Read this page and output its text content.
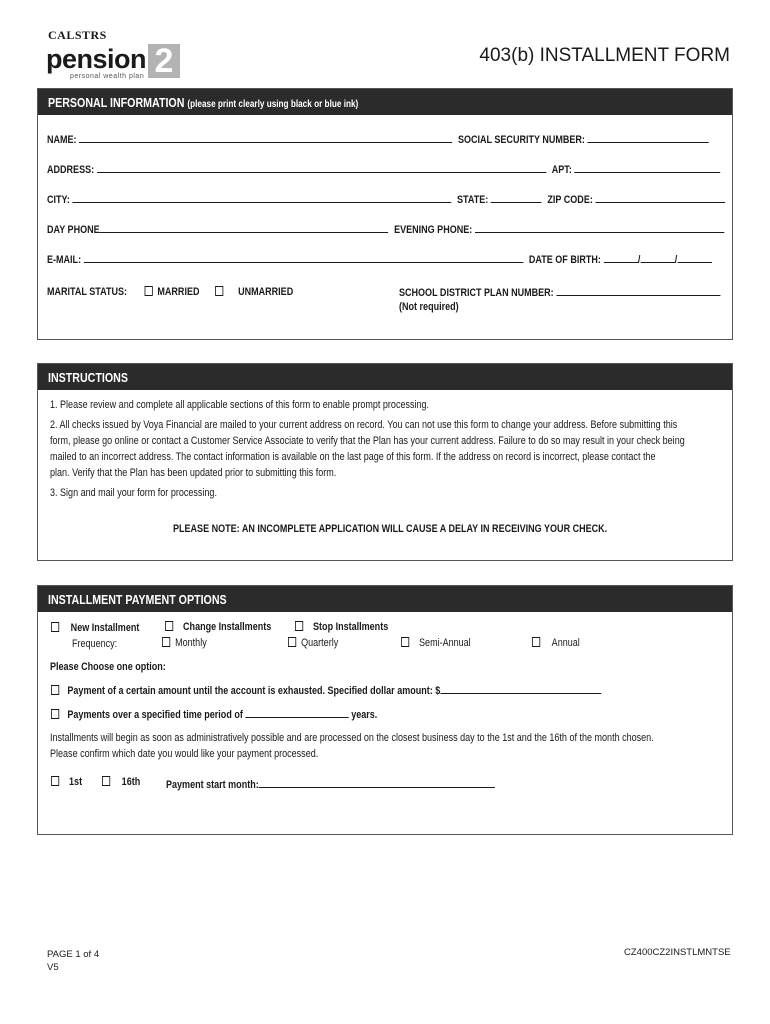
CALSTRS
pension 2
personal wealth plan
403(b) INSTALLMENT FORM
PERSONAL INFORMATION (please print clearly using black or blue ink)
NAME:	SOCIAL SECURITY NUMBER:
ADDRESS:	APT:
CITY:	STATE:	ZIP CODE:
DAY PHONE	EVENING PHONE:
E-MAIL:	DATE OF BIRTH:	/	/
MARITAL STATUS:	MARRIED	UNMARRIED	SCHOOL DISTRICT PLAN NUMBER:
(Not required)
INSTRUCTIONS
1. Please review and complete all applicable sections of this form to enable prompt processing.
2. All checks issued by Voya Financial are mailed to your current address on record. You can not use this form to change your address. Before submitting this
form, please go online or contact a Customer Service Associate to verify that the Plan has your current address. Failure to do so may result in your check being
mailed to an incorrect address. The contact information is available on the last page of this form. If the address on record is incorrect, please contact the
plan. Verify that the Plan has been updated prior to submitting this form.
3. Sign and mail your form for processing.
PLEASE NOTE: AN INCOMPLETE APPLICATION WILL CAUSE A DELAY IN RECEIVING YOUR CHECK.
INSTALLMENT PAYMENT OPTIONS
New Installment	Change Installments	Stop Installments
Frequency:	Monthly	Quarterly	Semi-Annual	Annual
Please Choose one option:
Payment of a certain amount until the account is exhausted. Specified dollar amount: $
Payments over a specified time period of	years.
Installments will begin as soon as administratively possible and are processed on the closest business day to the 1st and the 16th of the month chosen.
Please confirm which date you would like your payment processed.
1st	16th Payment start month:
PAGE 1 of 4
V5
CZ400CZ2INSTLMNTSE
